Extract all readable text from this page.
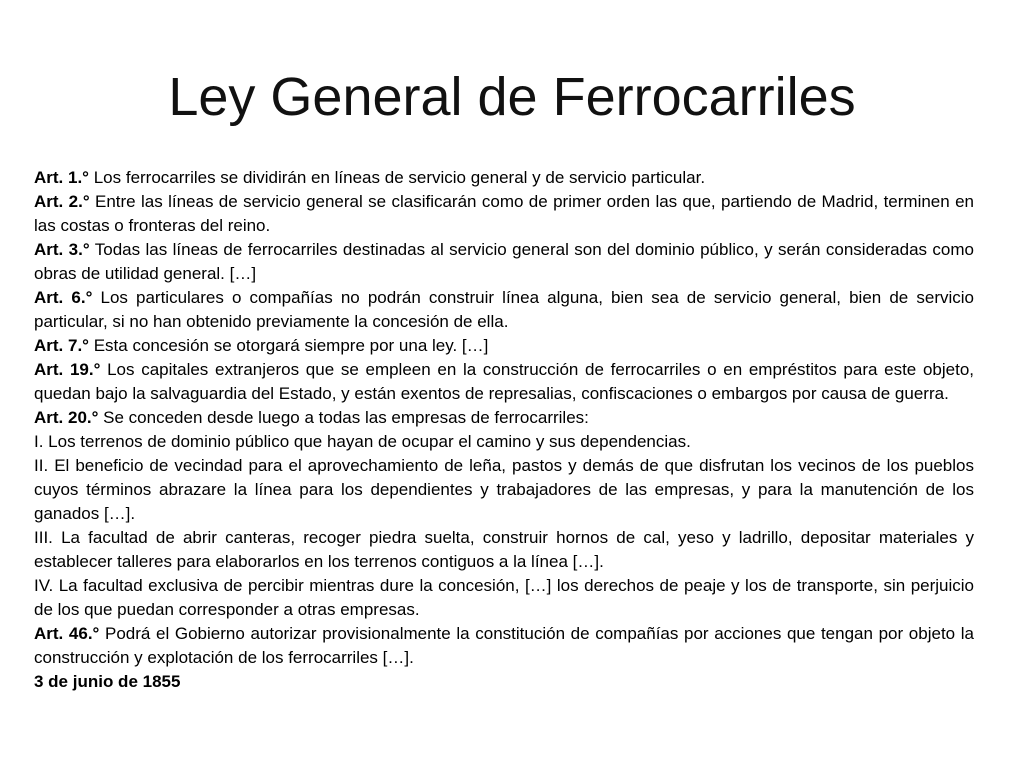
Ley General de Ferrocarriles

Art. 1.° Los ferrocarriles se dividirán en líneas de servicio general y de servicio particular.

Art. 2.° Entre las líneas de servicio general se clasificarán como de primer orden las que, partiendo de Madrid, terminen en las costas o fronteras del reino.

Art. 3.° Todas las líneas de ferrocarriles destinadas al servicio general son del dominio público, y serán consideradas como obras de utilidad general. […]

Art. 6.° Los particulares o compañías no podrán construir línea alguna, bien sea de servicio general, bien de servicio particular, si no han obtenido previamente la concesión de ella.

Art. 7.° Esta concesión se otorgará siempre por una ley. […]

Art. 19.° Los capitales extranjeros que se empleen en la construcción de ferrocarriles o en empréstitos para este objeto, quedan bajo la salvaguardia del Estado, y están exentos de represalias, confiscaciones o embargos por causa de guerra.

Art. 20.° Se conceden desde luego a todas las empresas de ferrocarriles:

I. Los terrenos de dominio público que hayan de ocupar el camino y sus dependencias.

II. El beneficio de vecindad para el aprovechamiento de leña, pastos y demás de que disfrutan los vecinos de los pueblos cuyos términos abrazare la línea para los dependientes y trabajadores de las empresas, y para la manutención de los ganados […].

III. La facultad de abrir canteras, recoger piedra suelta, construir hornos de cal, yeso y ladrillo, depositar materiales y establecer talleres para elaborarlos en los terrenos contiguos a la línea […].

IV. La facultad exclusiva de percibir mientras dure la concesión, […] los derechos de peaje y los de transporte, sin perjuicio de los que puedan corresponder a otras empresas.

Art. 46.° Podrá el Gobierno autorizar provisionalmente la constitución de compañías por acciones que tengan por objeto la construcción y explotación de los ferrocarriles […].

3 de junio de 1855
